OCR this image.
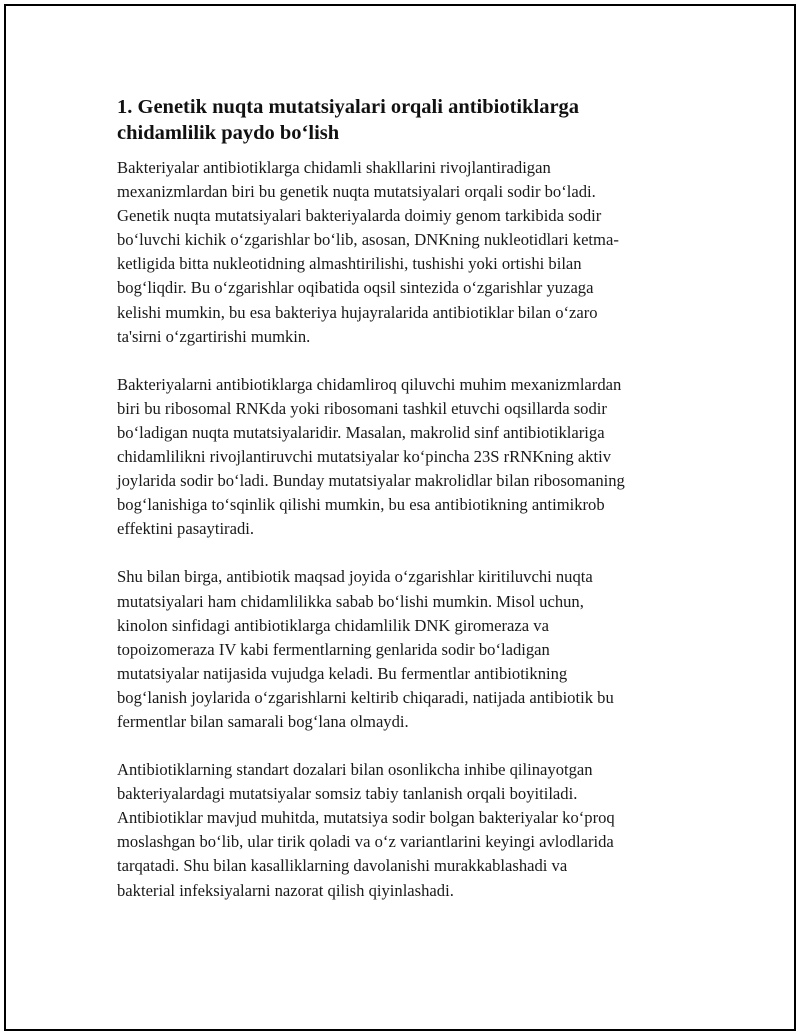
1. Genetik nuqta mutatsiyalari orqali antibiotiklarga
chidamlilik paydo bo‘lish

Bakteriyalar antibiotiklarga chidamli shakllarini rivojlantiradigan
mexanizmlardan biri bu genetik nuqta mutatsiyalari orqali sodir bo‘ladi.
Genetik nuqta mutatsiyalari bakteriyalarda doimiy genom tarkibida sodir
bo‘luvchi kichik o‘zgarishlar bo‘lib, asosan, DNKning nukleotidlari ketma-
ketligida bitta nukleotidning almashtirilishi, tushishi yoki ortishi bilan
bog‘liqdir. Bu o‘zgarishlar oqibatida oqsil sintezida o‘zgarishlar yuzaga
kelishi mumkin, bu esa bakteriya hujayralarida antibiotiklar bilan o‘zaro
ta'sirni o‘zgartirishi mumkin.

Bakteriyalarni antibiotiklarga chidamliroq qiluvchi muhim mexanizmlardan
biri bu ribosomal RNKda yoki ribosomani tashkil etuvchi oqsillarda sodir
bo‘ladigan nuqta mutatsiyalaridir. Masalan, makrolid sinf antibiotiklariga
chidamlilikni rivojlantiruvchi mutatsiyalar ko‘pincha 23S rRNKning aktiv
joylarida sodir bo‘ladi. Bunday mutatsiyalar makrolidlar bilan ribosomaning
bog‘lanishiga to‘sqinlik qilishi mumkin, bu esa antibiotikning antimikrob
effektini pasaytiradi.

Shu bilan birga, antibiotik maqsad joyida o‘zgarishlar kiritiluvchi nuqta
mutatsiyalari ham chidamlilikka sabab bo‘lishi mumkin. Misol uchun,
kinolon sinfidagi antibiotiklarga chidamlilik DNK giromeraza va
topoizomeraza IV kabi fermentlarning genlarida sodir bo‘ladigan
mutatsiyalar natijasida vujudga keladi. Bu fermentlar antibiotikning
bog‘lanish joylarida o‘zgarishlarni keltirib chiqaradi, natijada antibiotik bu
fermentlar bilan samarali bog‘lana olmaydi.

Antibiotiklarning standart dozalari bilan osonlikcha inhibe qilinayotgan
bakteriyalardagi mutatsiyalar somsiz tabiy tanlanish orqali boyitiladi.
Antibiotiklar mavjud muhitda, mutatsiya sodir bolgan bakteriyalar ko‘proq
moslashgan bo‘lib, ular tirik qoladi va o‘z variantlarini keyingi avlodlarida
tarqatadi. Shu bilan kasalliklarning davolanishi murakkablashadi va
bakterial infeksiyalarni nazorat qilish qiyinlashadi.
